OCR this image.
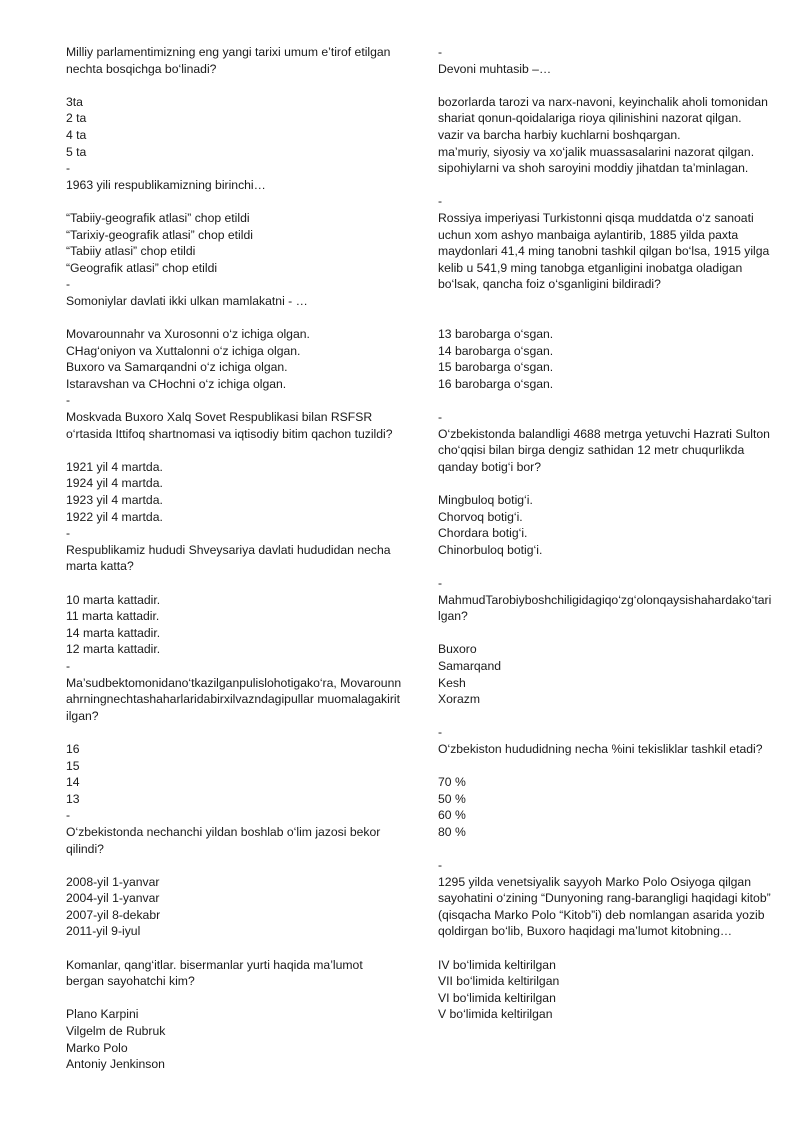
Milliy parlamentimizning eng yangi tarixi umum e’tirof etilgan nechta bosqichga bo‘linadi?

3ta
2 ta
4 ta
5 ta

-

1963 yili respublikamizning birinchi…

“Tabiiy-geografik atlasi” chop etildi
“Tarixiy-geografik atlasi” chop etildi
“Tabiiy atlasi” chop etildi
“Geografik atlasi” chop etildi

-

Somoniylar davlati ikki ulkan mamlakatni - …

Movarounnahr va Xurosonni o‘z ichiga olgan.
CHag‘oniyon va Xuttalonni o‘z ichiga olgan.
Buxoro va Samarqandni o‘z ichiga olgan.
Istaravshan va CHochni o‘z ichiga olgan.

-

Moskvada Buxoro Xalq Sovet Respublikasi bilan RSFSR o‘rtasida Ittifoq shartnomasi va iqtisodiy bitim qachon tuzildi?

1921 yil 4 martda.
1924 yil 4 martda.
1923 yil 4 martda.
1922 yil 4 martda.

-

Respublikamiz hududi Shveysariya davlati hududidan necha marta katta?

10 marta kattadir.
11 marta kattadir.
14 marta kattadir.
12 marta kattadir.

-

Ma’sudbektomonidano‘tkazilganpulislohotigako‘ra, Movarounnahrningnechtashaharlaridabirxilvazndagipullar muomalagakiritilgan?

16
15
14
13

-

O‘zbekistonda nechanchi yildan boshlab o‘lim jazosi bekor qilindi?

2008-yil 1-yanvar
2004-yil 1-yanvar
2007-yil 8-dekabr
2011-yil 9-iyul

Komanlar, qang‘itlar. bisermanlar yurti haqida ma’lumot bergan sayohatchi kim?

Plano Karpini
Vilgelm de Rubruk
Marko Polo
Antoniy Jenkinson

-

Devoni muhtasib –…

bozorlarda tarozi va narx-navoni, keyinchalik aholi tomonidan shariat qonun-qoidalariga rioya qilinishini nazorat qilgan.
vazir va barcha harbiy kuchlarni boshqargan.
ma’muriy, siyosiy va xo‘jalik muassasalarini nazorat qilgan.
sipohiylarni va shoh saroyini moddiy jihatdan ta’minlagan.

-

Rossiya imperiyasi Turkistonni qisqa muddatda o‘z sanoati uchun xom ashyo manbaiga aylantirib, 1885 yilda paxta maydonlari 41,4 ming tanobni tashkil qilgan bo‘lsa, 1915 yilga kelib u 541,9 ming tanobga etganligini inobatga oladigan bo‘lsak, qancha foiz o‘sganligini bildiradi?

13 barobarga o‘sgan.
14 barobarga o‘sgan.
15 barobarga o‘sgan.
16 barobarga o‘sgan.

-

O‘zbekistonda balandligi 4688 metrga yetuvchi Hazrati Sulton cho‘qqisi bilan birga dengiz sathidan 12 metr chuqurlikda qanday botig‘i bor?

Mingbuloq botig‘i.
Chorvoq botig‘i.
Chordara botig‘i.
Chinorbuloq botig‘i.

-

MahmudTarobiyboshchiligidagiqo‘zg‘olonqaysishahardako‘tarilgan?

Buxoro
Samarqand
Kesh
Xorazm

-

O‘zbekiston hududidning necha %ini tekisliklar tashkil etadi?

70 %
50 %
60 %
80 %

-

1295 yilda venetsiyalik sayyoh Marko Polo Osiyoga qilgan sayohatini o‘zining “Dunyoning rang-barangligi haqidagi kitob” (qisqacha Marko Polo “Kitob”i) deb nomlangan asarida yozib qoldirgan bo‘lib, Buxoro haqidagi ma’lumot kitobning…

IV bo‘limida keltirilgan
VII bo‘limida keltirilgan
VI bo‘limida keltirilgan
V bo‘limida keltirilgan
